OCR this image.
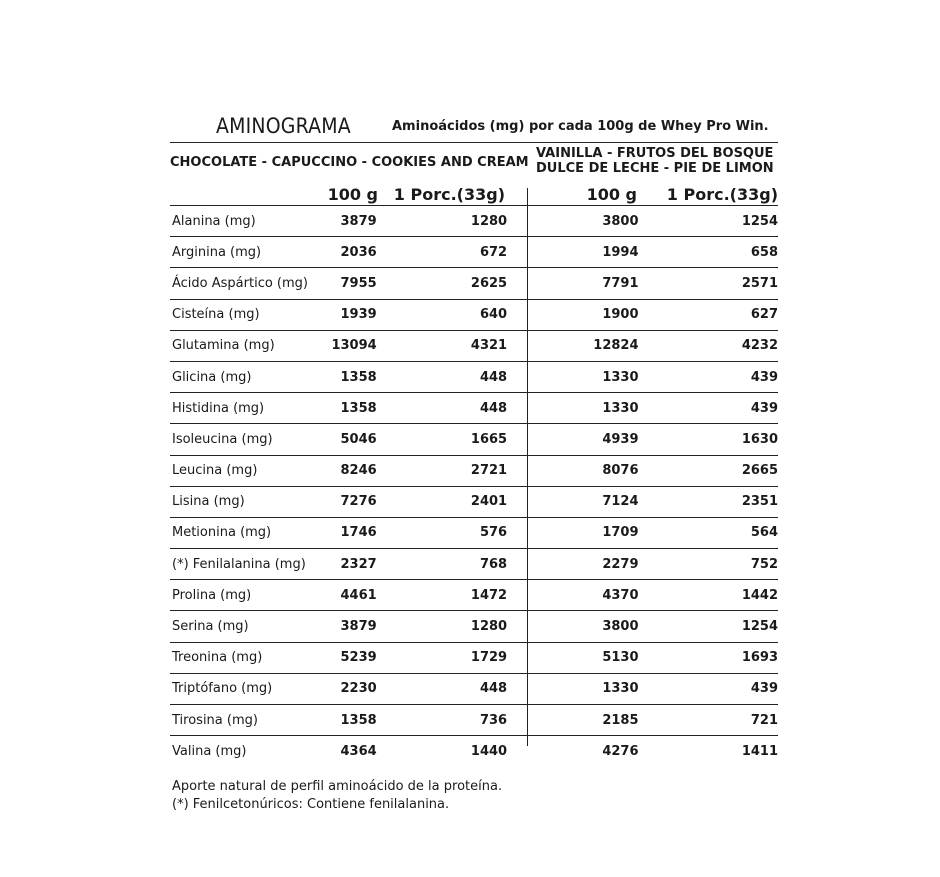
AMINOGRAMA	Aminoácidos (mg) por cada 100g de Whey Pro Win.
CHOCOLATE - CAPUCCINO - COOKIES AND CREAM
VAINILLA - FRUTOS DEL BOSQUE
DULCE DE LECHE - PIE DE LIMON
100 g 1 Porc.(33g)	100 g 1 Porc.(33g)
Alanina (mg)	3879	1280	3800	1254
Arginina (mg)	2036	672	1994	658
Ácido Aspártico (mg)	7955	2625	7791	2571
Cisteína (mg)	1939	640	1900	627
Glutamina (mg)	13094	4321	12824	4232
Glicina (mg)	1358	448	1330	439
Histidina (mg)	1358	448	1330	439
Isoleucina (mg)	5046	1665	4939	1630
Leucina (mg)	8246	2721	8076	2665
Lisina (mg)	7276	2401	7124	2351
Metionina (mg)	1746	576	1709	564
(*) Fenilalanina (mg)	2327	768	2279	752
Prolina (mg)	4461	1472	4370	1442
Serina (mg)	3879	1280	3800	1254
Treonina (mg)	5239	1729	5130	1693
Triptófano (mg)	2230	448	1330	439
Tirosina (mg)	1358	736	2185	721
Valina (mg)	4364	1440	4276	1411
Aporte natural de perfil aminoácido de la proteína.
(*) Fenilcetonúricos: Contiene fenilalanina.
